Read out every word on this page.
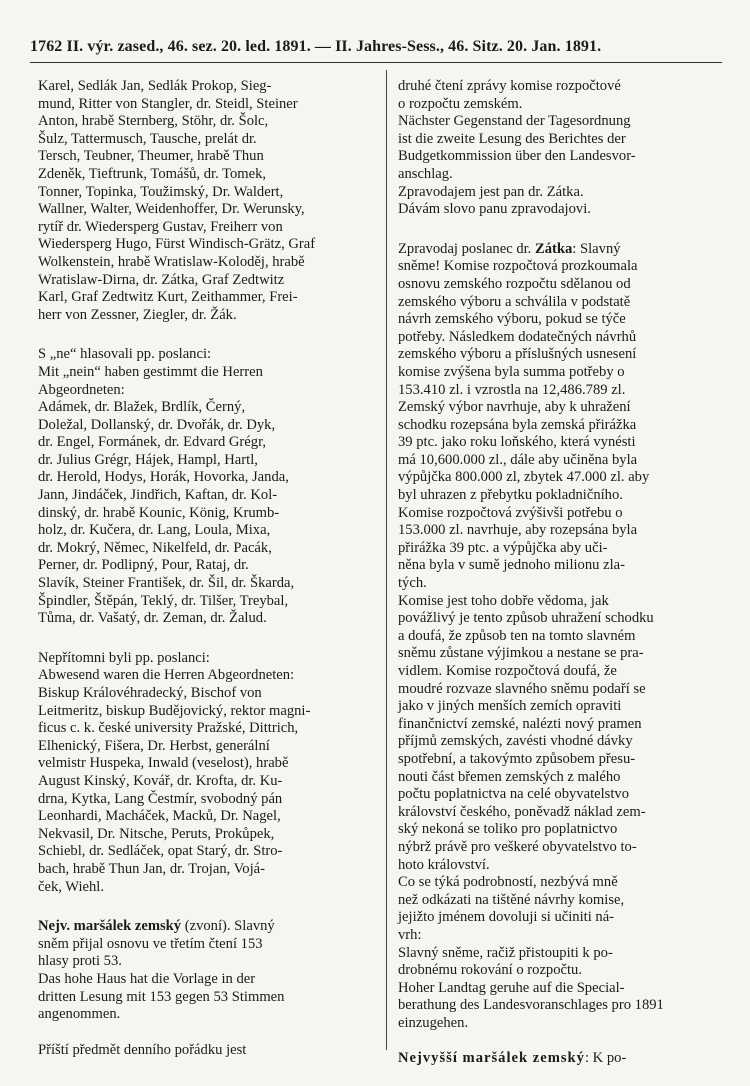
1762 II. výr. zased., 46. sez. 20. led. 1891. — II. Jahres-Sess., 46. Sitz. 20. Jan. 1891.
Karel, Sedlák Jan, Sedlák Prokop, Sieg-
mund, Ritter von Stangler, dr. Steidl, Steiner
Anton, hrabě Sternberg, Stöhr, dr. Šolc,
Šulz, Tattermusch, Tausche, prelát dr.
Tersch, Teubner, Theumer, hrabě Thun
Zdeněk, Tieftrunk, Tomášů, dr. Tomek,
Tonner, Topinka, Toužimský, Dr. Waldert,
Wallner, Walter, Weidenhoffer, Dr. Werunsky,
rytíř dr. Wiedersperg Gustav, Freiherr von
Wiedersperg Hugo, Fürst Windisch-Grätz, Graf
Wolkenstein, hrabě Wratislaw-Koloděj, hrabě
Wratislaw-Dirna, dr. Zátka, Graf Zedtwitz
Karl, Graf Zedtwitz Kurt, Zeithammer, Frei-
herr von Zessner, Ziegler, dr. Žák.
S „ne“ hlasovali pp. poslanci:
Mit „nein“ haben gestimmt die Herren
Abgeordneten:
Adámek, dr. Blažek, Brdlík, Černý,
Doležal, Dollanský, dr. Dvořák, dr. Dyk,
dr. Engel, Formánek, dr. Edvard Grégr,
dr. Julius Grégr, Hájek, Hampl, Hartl,
dr. Herold, Hodys, Horák, Hovorka, Janda,
Jann, Jindáček, Jindřich, Kaftan, dr. Kol-
dinský, dr. hrabě Kounic, König, Krumb-
holz, dr. Kučera, dr. Lang, Loula, Mixa,
dr. Mokrý, Němec, Nikelfeld, dr. Pacák,
Perner, dr. Podlipný, Pour, Rataj, dr.
Slavík, Steiner František, dr. Šil, dr. Škarda,
Špindler, Štěpán, Teklý, dr. Tilšer, Treybal,
Tůma, dr. Vašatý, dr. Zeman, dr. Žalud.
Nepřítomni byli pp. poslanci:
Abwesend waren die Herren Abgeordneten:
Biskup Královéhradecký, Bischof von
Leitmeritz, biskup Budějovický, rektor magni-
ficus c. k. české university Pražské, Dittrich,
Elhenický, Fišera, Dr. Herbst, generální
velmistr Huspeka, Inwald (veselost), hrabě
August Kinský, Kovář, dr. Krofta, dr. Ku-
drna, Kytka, Lang Čestmír, svobodný pán
Leonhardi, Macháček, Macků, Dr. Nagel,
Nekvasil, Dr. Nitsche, Peruts, Prokůpek,
Schiebl, dr. Sedláček, opat Starý, dr. Stro-
bach, hrabě Thun Jan, dr. Trojan, Vojá-
ček, Wiehl.
Nejv. maršálek zemský (zvoní). Slavný
sněm přijal osnovu ve třetím čtení 153
hlasy proti 53.
Das hohe Haus hat die Vorlage in der
dritten Lesung mit 153 gegen 53 Stimmen
angenommen.
Příští předmět denního pořádku jest
druhé čtení zprávy komise rozpočtové
o rozpočtu zemském.
Nächster Gegenstand der Tagesordnung
ist die zweite Lesung des Berichtes der
Budgetkommission über den Landesvor-
anschlag.
Zpravodajem jest pan dr. Zátka.
Dávám slovo panu zpravodajovi.
Zpravodaj poslanec dr. Zátka: Slavný
sněme! Komise rozpočtová prozkoumala
osnovu zemského rozpočtu sdělanou od
zemského výboru a schválila v podstatě
návrh zemského výboru, pokud se týče
potřeby. Následkem dodatečných návrhů
zemského výboru a příslušných usnesení
komise zvýšena byla summa potřeby o
153.410 zl. i vzrostla na 12,486.789 zl.
Zemský výbor navrhuje, aby k uhražení
schodku rozepsána byla zemská přirážka
39 ptc. jako roku loňského, která vynésti
má 10,600.000 zl., dále aby učiněna byla
výpůjčka 800.000 zl, zbytek 47.000 zl. aby
byl uhrazen z přebytku pokladničního.
Komise rozpočtová zvýšivši potřebu o
153.000 zl. navrhuje, aby rozepsána byla
přirážka 39 ptc. a výpůjčka aby uči-
něna byla v sumě jednoho milionu zla-
tých.
Komise jest toho dobře vědoma, jak
povážlivý je tento způsob uhražení schodku
a doufá, že způsob ten na tomto slavném
sněmu zůstane výjimkou a nestane se pra-
vidlem. Komise rozpočtová doufá, že
moudré rozvaze slavného sněmu podaří se
jako v jiných menších zemích opraviti
finančnictví zemské, nalézti nový pramen
příjmů zemských, zavésti vhodné dávky
spotřební, a takovýmto způsobem přesu-
nouti část břemen zemských z malého
počtu poplatnictva na celé obyvatelstvo
království českého, poněvadž náklad zem-
ský nekoná se toliko pro poplatnictvo
nýbrž právě pro veškeré obyvatelstvo to-
hoto království.
Co se týká podrobností, nezbývá mně
než odkázati na tištěné návrhy komise,
jejižto jménem dovoluji si učiniti ná-
vrh:
Slavný sněme, račiž přistoupiti k po-
drobnému rokování o rozpočtu.
Hoher Landtag geruhe auf die Special-
berathung des Landesvoranschlages pro 1891
einzugehen.
Nejvyšší maršálek zemský: K po-
